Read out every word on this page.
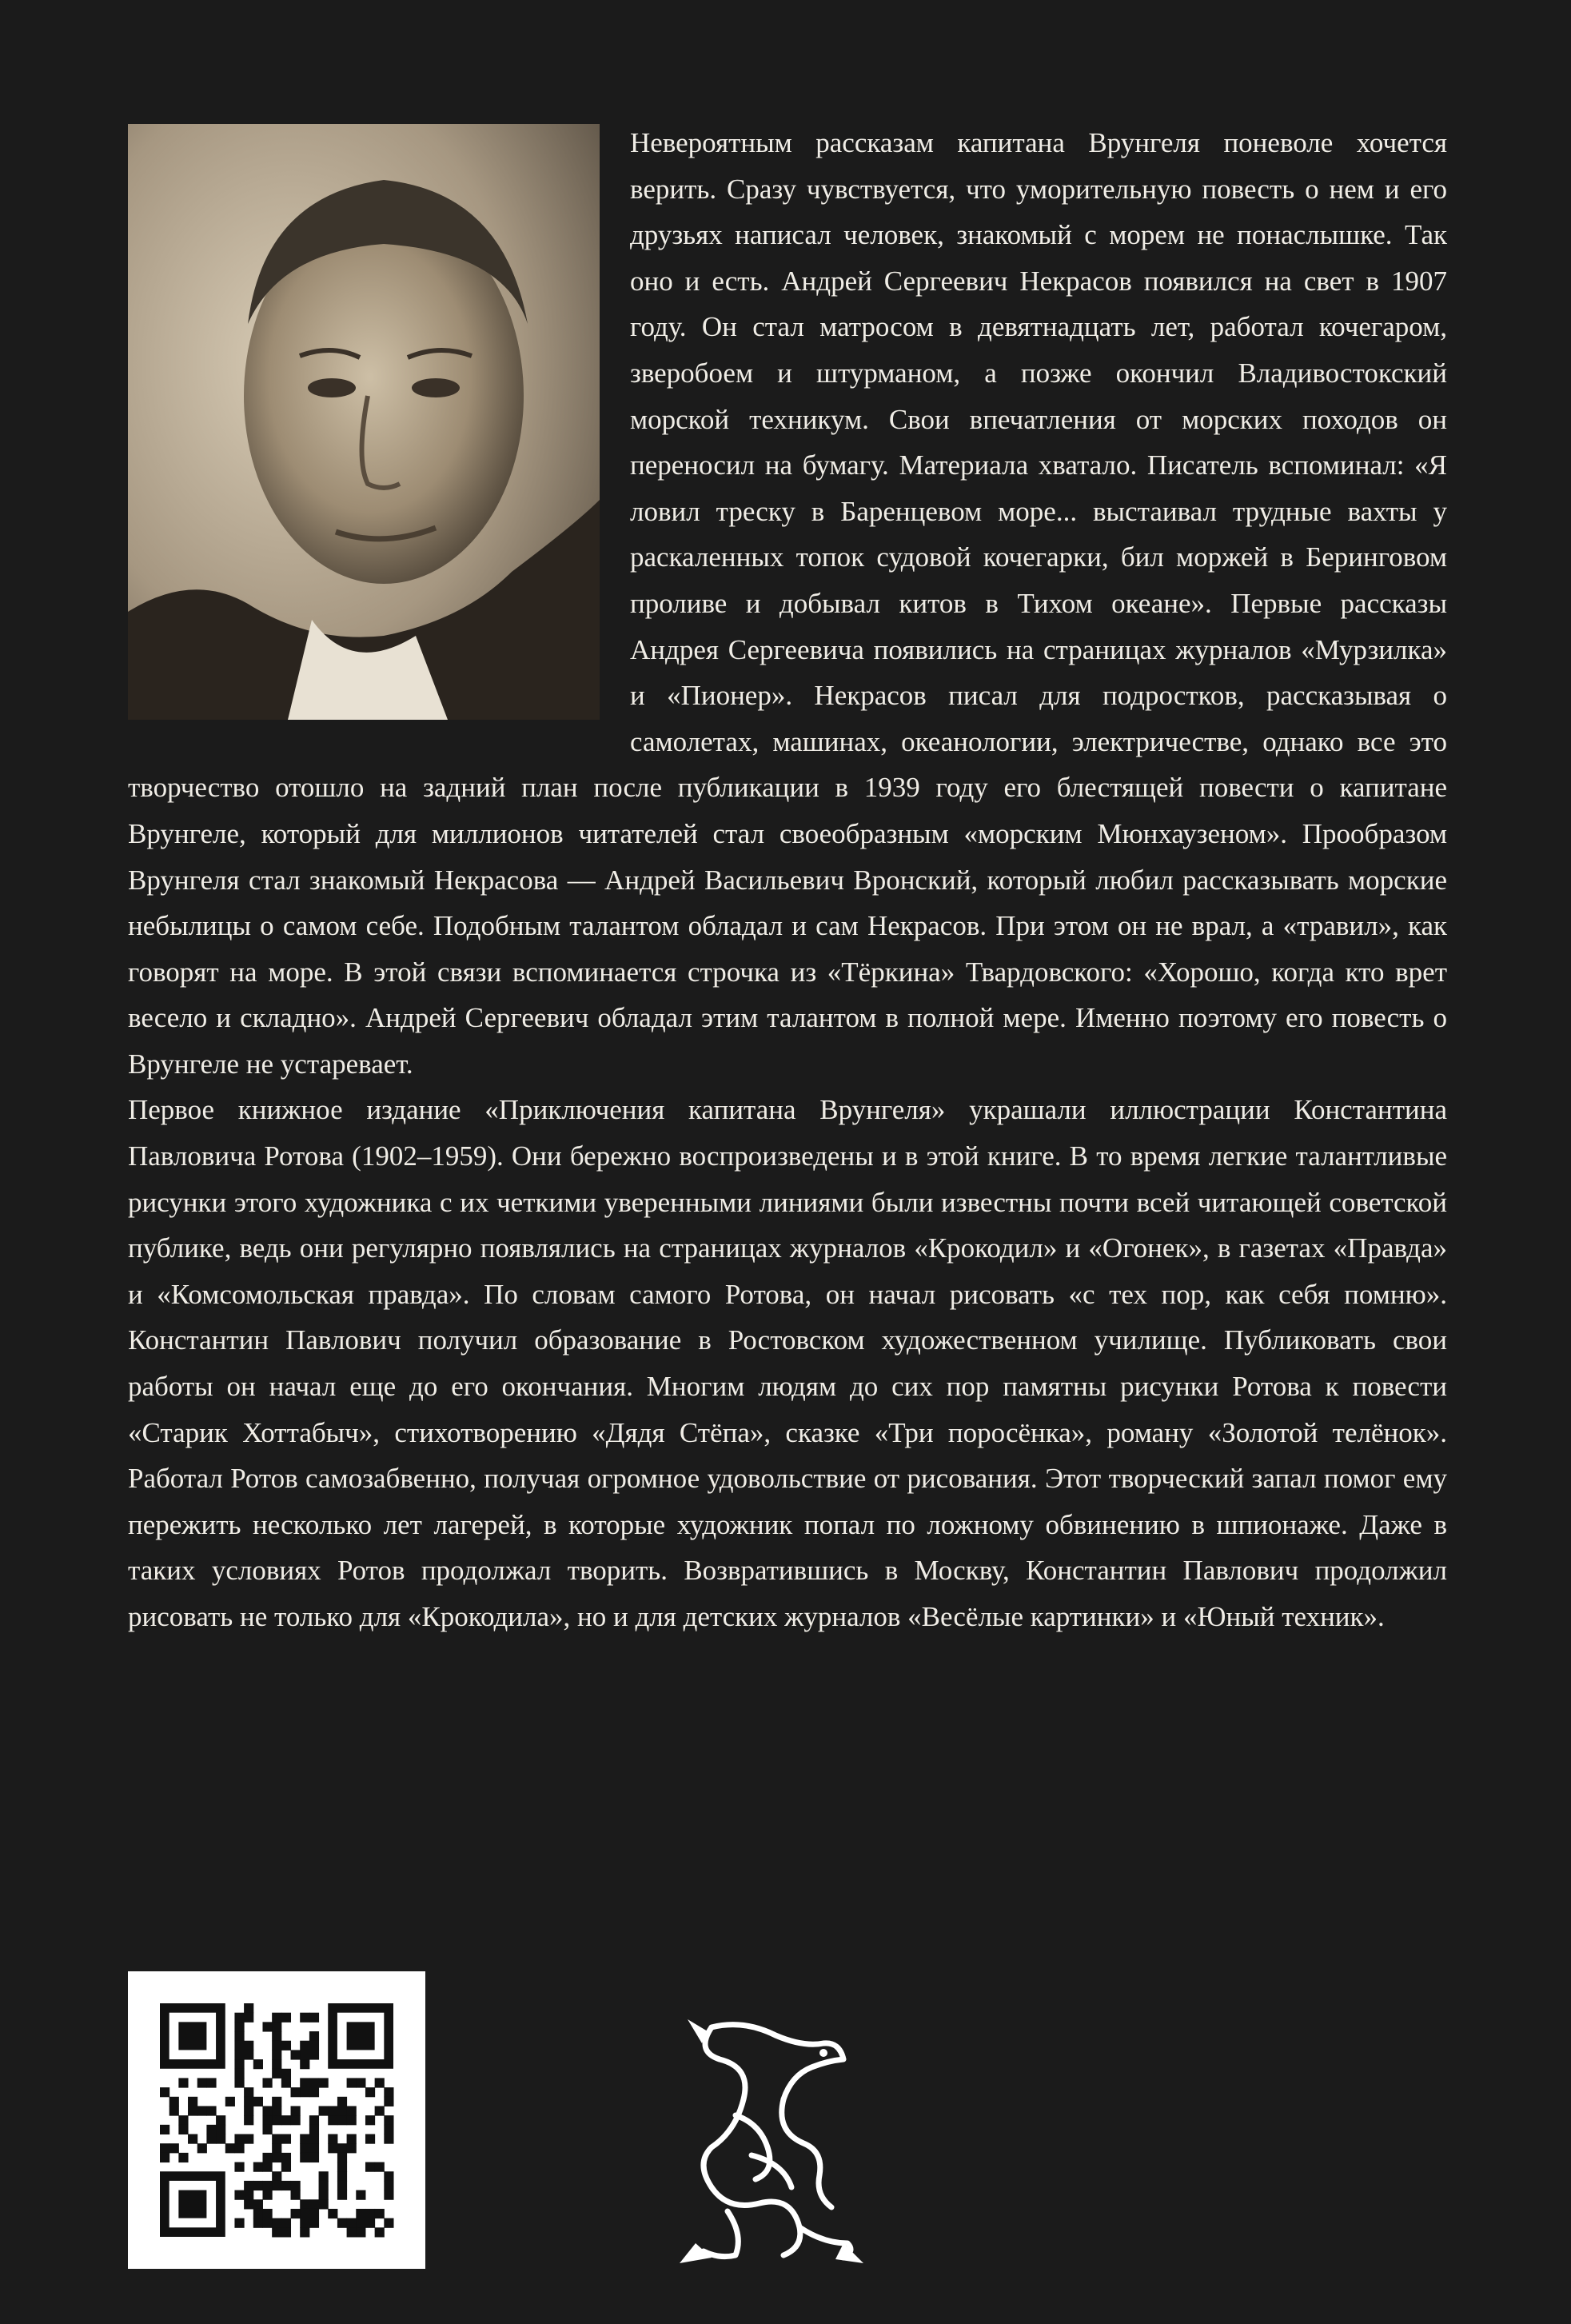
Невероятным рассказам капитана Врунгеля поневоле хочется верить. Сразу чувствуется, что уморительную повесть о нем и его друзьях написал человек, знакомый с морем не понаслышке. Так оно и есть. Андрей Сергеевич Некрасов появился на свет в 1907 году. Он стал матросом в девятнадцать лет, работал кочегаром, зверобоем и штурманом, а позже окончил Владивостокский морской техникум. Свои впечатления от морских походов он переносил на бумагу. Материала хватало. Писатель вспоминал: «Я ловил треску в Баренцевом море... выстаивал трудные вахты у раскаленных топок судовой кочегарки, бил моржей в Беринговом проливе и добывал китов в Тихом океане». Первые рассказы Андрея Сергеевича появились на страницах журналов «Мурзилка» и «Пионер». Некрасов писал для подростков, рассказывая о самолетах, машинах, океанологии, электричестве, однако все это творчество отошло на задний план после публикации в 1939 году его блестящей повести о капитане Врунгеле, который для миллионов читателей стал своеобразным «морским Мюнхаузеном». Прообразом Врунгеля стал знакомый Некрасова — Андрей Васильевич Вронский, который любил рассказывать морские небылицы о самом себе. Подобным талантом обладал и сам Некрасов. При этом он не врал, а «травил», как говорят на море. В этой связи вспоминается строчка из «Тёркина» Твардовского: «Хорошо, когда кто врет весело и складно». Андрей Сергеевич обладал этим талантом в полной мере. Именно поэтому его повесть о Врунгеле не устаревает.

Первое книжное издание «Приключения капитана Врунгеля» украшали иллюстрации Константина Павловича Ротова (1902–1959). Они бережно воспроизведены и в этой книге. В то время легкие талантливые рисунки этого художника с их четкими уверенными линиями были известны почти всей читающей советской публике, ведь они регулярно появлялись на страницах журналов «Крокодил» и «Огонек», в газетах «Правда» и «Комсомольская правда». По словам самого Ротова, он начал рисовать «с тех пор, как себя помню». Константин Павлович получил образование в Ростовском художественном училище. Публиковать свои работы он начал еще до его окончания. Многим людям до сих пор памятны рисунки Ротова к повести «Старик Хоттабыч», стихотворению «Дядя Стёпа», сказке «Три поросёнка», роману «Золотой телёнок». Работал Ротов самозабвенно, получая огромное удовольствие от рисования. Этот творческий запал помог ему пережить несколько лет лагерей, в которые художник попал по ложному обвинению в шпионаже. Даже в таких условиях Ротов продолжал творить. Возвратившись в Москву, Константин Павлович продолжил рисовать не только для «Крокодила», но и для детских журналов «Весёлые картинки» и «Юный техник».
